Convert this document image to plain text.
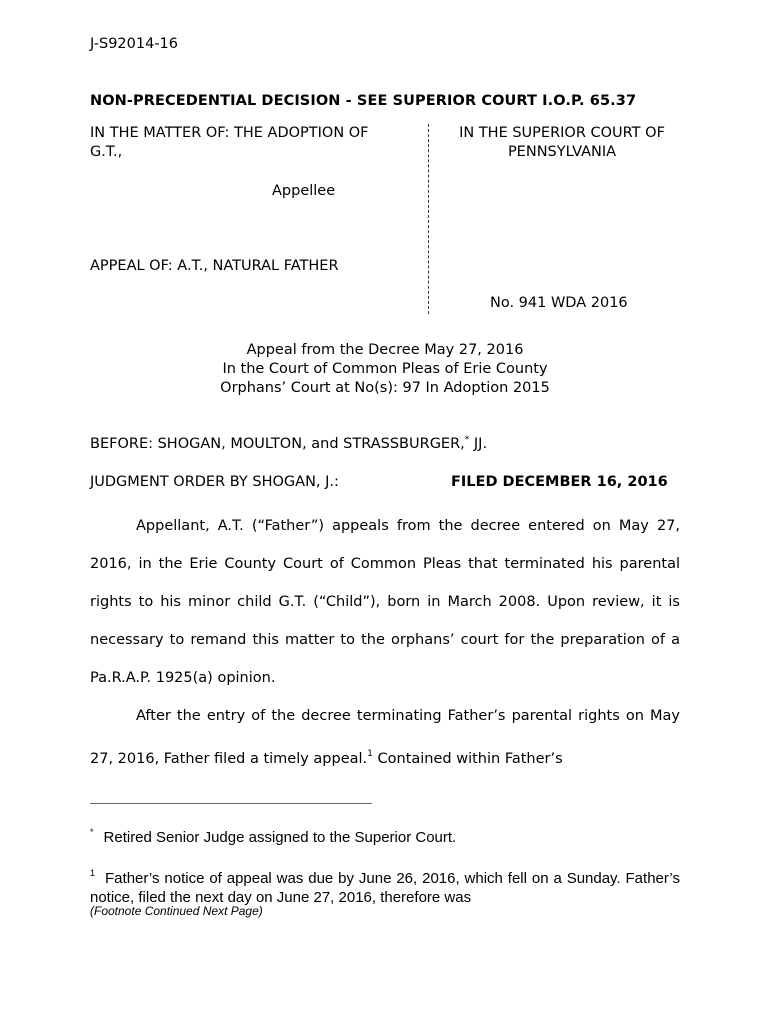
J-S92014-16
NON-PRECEDENTIAL DECISION - SEE SUPERIOR COURT I.O.P. 65.37
IN THE MATTER OF: THE ADOPTION OF
G.T.,
Appellee
APPEAL OF: A.T., NATURAL FATHER
IN THE SUPERIOR COURT OF
PENNSYLVANIA
No. 941 WDA 2016
Appeal from the Decree May 27, 2016
In the Court of Common Pleas of Erie County
Orphans’ Court at No(s): 97 In Adoption 2015
BEFORE: SHOGAN, MOULTON, and STRASSBURGER,* JJ.
JUDGMENT ORDER BY SHOGAN, J.:	FILED DECEMBER 16, 2016

Appellant, A.T. (“Father”) appeals from the decree entered on May 27, 2016, in the Erie County Court of Common Pleas that terminated his parental rights to his minor child G.T. (“Child”), born in March 2008. Upon review, it is necessary to remand this matter to the orphans’ court for the preparation of a Pa.R.A.P. 1925(a) opinion.

After the entry of the decree terminating Father’s parental rights on May 27, 2016, Father filed a timely appeal.$^1$ Contained within Father’s

* Retired Senior Judge assigned to the Superior Court.
$^1$ Father’s notice of appeal was due by June 26, 2016, which fell on a Sunday. Father’s notice, filed the next day on June 27, 2016, therefore was
(Footnote Continued Next Page)
